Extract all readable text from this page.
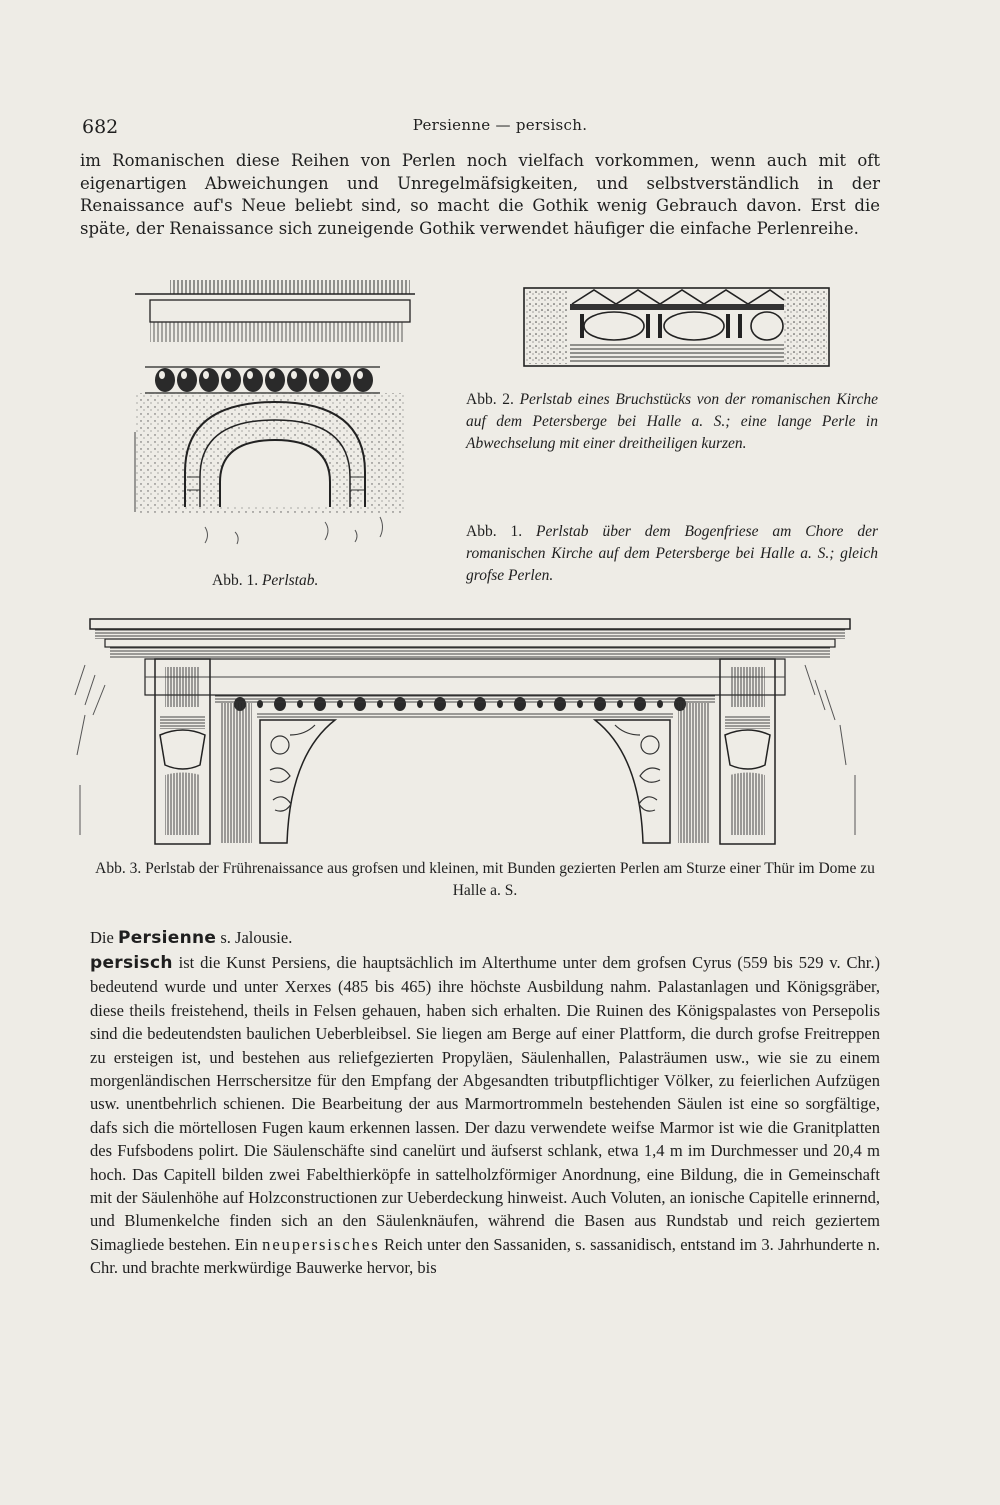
682	Persienne — persisch.

im Romanischen diese Reihen von Perlen noch vielfach vorkommen, wenn auch mit oft eigenartigen Abweichungen und Unregelmäfsigkeiten, und selbstverständlich in der Renaissance auf's Neue beliebt sind, so macht die Gothik wenig Gebrauch davon. Erst die späte, der Renaissance sich zuneigende Gothik verwendet häufiger die einfache Perlenreihe.

Abb. 1. Perlstab.

Abb. 2. Perlstab eines Bruchstücks von der romanischen Kirche auf dem Petersberge bei Halle a. S.; eine lange Perle in Abwechselung mit einer dreitheiligen kurzen.

Abb. 1. Perlstab über dem Bogenfriese am Chore der romanischen Kirche auf dem Petersberge bei Halle a. S.; gleich grofse Perlen.

Abb. 3. Perlstab der Frührenaissance aus grofsen und kleinen, mit Bunden gezierten Perlen am Sturze einer Thür im Dome zu Halle a. S.

Die Persienne s. Jalousie.

persisch ist die Kunst Persiens, die hauptsächlich im Alterthume unter dem grofsen Cyrus (559 bis 529 v. Chr.) bedeutend wurde und unter Xerxes (485 bis 465) ihre höchste Ausbildung nahm. Palastanlagen und Königsgräber, diese theils freistehend, theils in Felsen gehauen, haben sich erhalten. Die Ruinen des Königspalastes von Persepolis sind die bedeutendsten baulichen Ueberbleibsel. Sie liegen am Berge auf einer Plattform, die durch grofse Freitreppen zu ersteigen ist, und bestehen aus reliefgezierten Propyläen, Säulenhallen, Palasträumen usw., wie sie zu einem morgenländischen Herrschersitze für den Empfang der Abgesandten tributpflichtiger Völker, zu feierlichen Aufzügen usw. unentbehrlich schienen. Die Bearbeitung der aus Marmortrommeln bestehenden Säulen ist eine so sorgfältige, dafs sich die mörtellosen Fugen kaum erkennen lassen. Der dazu verwendete weifse Marmor ist wie die Granitplatten des Fufsbodens polirt. Die Säulenschäfte sind canelürt und äufserst schlank, etwa 1,4 m im Durchmesser und 20,4 m hoch. Das Capitell bilden zwei Fabelthierköpfe in sattelholzförmiger Anordnung, eine Bildung, die in Gemeinschaft mit der Säulenhöhe auf Holzconstructionen zur Ueberdeckung hinweist. Auch Voluten, an ionische Capitelle erinnernd, und Blumenkelche finden sich an den Säulenknäufen, während die Basen aus Rundstab und reich geziertem Simagliede bestehen. Ein neupersisches Reich unter den Sassaniden, s. sassanidisch, entstand im 3. Jahrhunderte n. Chr. und brachte merkwürdige Bauwerke hervor, bis
